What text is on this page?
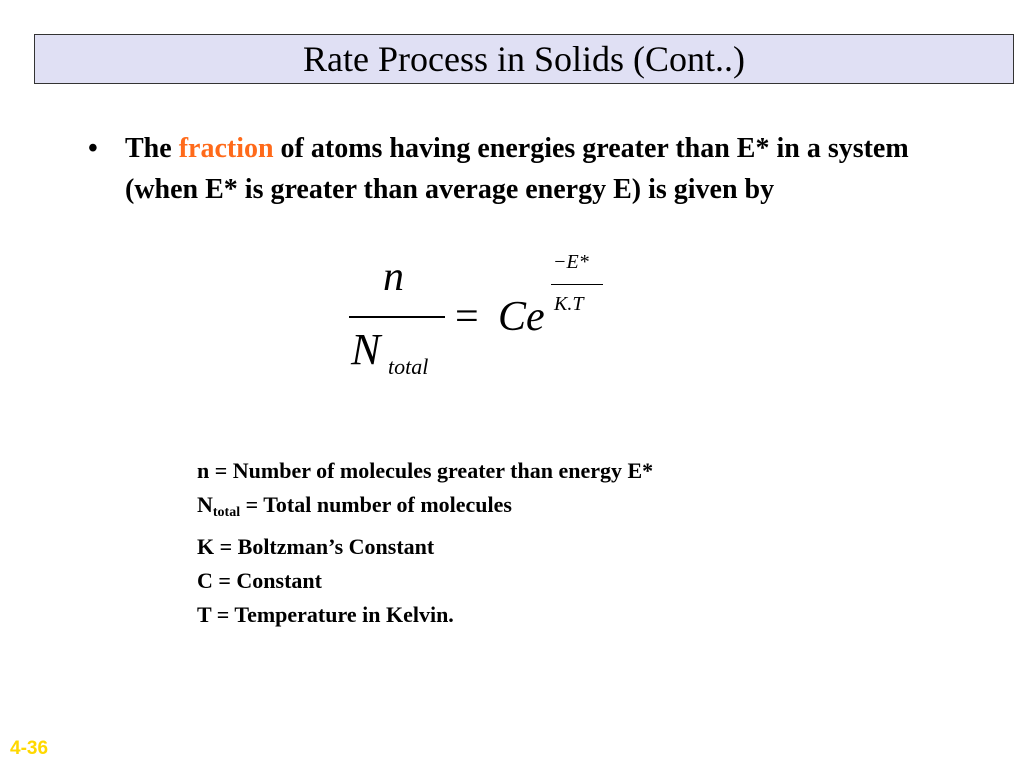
Rate Process in Solids (Cont..)
• The fraction of atoms having energies greater than E* in a system (when E* is greater than average energy E) is given by
n
N total
= Ce
−E*
K.T
n = Number of molecules greater than energy E*
Ntotal = Total number of molecules
K = Boltzman’s Constant
C = Constant
T = Temperature in Kelvin.
4-36
